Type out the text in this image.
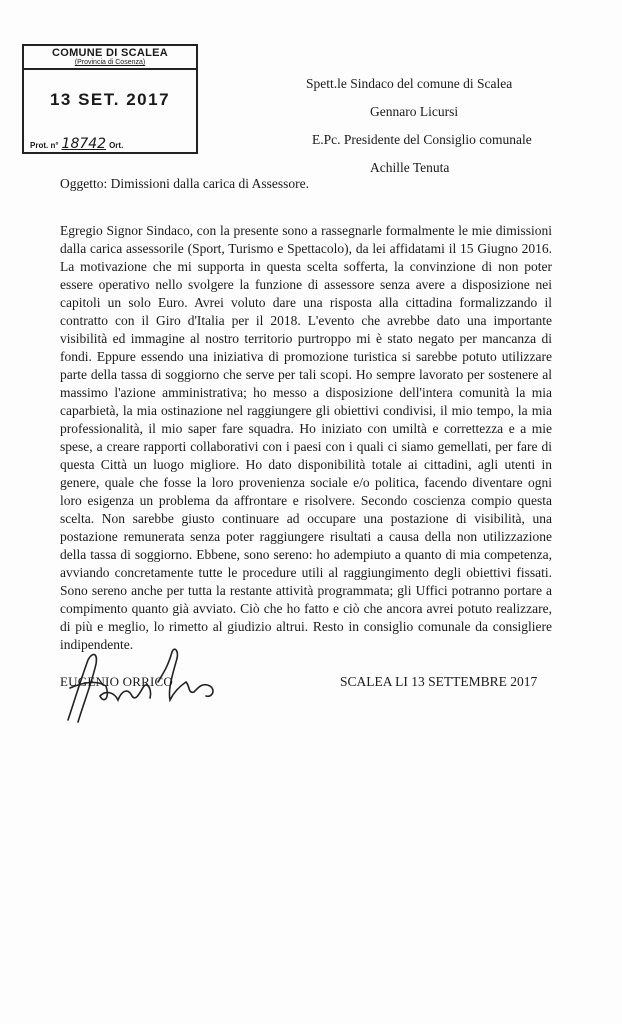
COMUNE DI SCALEA
(Provincia di Cosenza)
13 SET. 2017
Prot. n° 18742 Ort.
Spett.le Sindaco del comune di Scalea
Gennaro Licursi
E.Pc. Presidente del Consiglio comunale
Achille Tenuta
Oggetto: Dimissioni dalla carica di Assessore.
Egregio Signor Sindaco, con la presente sono a rassegnarle formalmente le mie dimissioni dalla carica assessorile (Sport, Turismo e Spettacolo), da lei affidatami il 15 Giugno 2016. La motivazione che mi supporta in questa scelta sofferta, la convinzione di non poter essere operativo nello svolgere la funzione di assessore senza avere a disposizione nei capitoli un solo Euro. Avrei voluto dare una risposta alla cittadina formalizzando il contratto con il Giro d'Italia per il 2018. L'evento che avrebbe dato una importante visibilità ed immagine al nostro territorio purtroppo mi è stato negato per mancanza di fondi. Eppure essendo una iniziativa di promozione turistica si sarebbe potuto utilizzare parte della tassa di soggiorno che serve per tali scopi. Ho sempre lavorato per sostenere al massimo l'azione amministrativa; ho messo a disposizione dell'intera comunità la mia caparbietà, la mia ostinazione nel raggiungere gli obiettivi condivisi, il mio tempo, la mia professionalità, il mio saper fare squadra. Ho iniziato con umiltà e correttezza e a mie spese, a creare rapporti collaborativi con i paesi con i quali ci siamo gemellati, per fare di questa Città un luogo migliore. Ho dato disponibilità totale ai cittadini, agli utenti in genere, quale che fosse la loro provenienza sociale e/o politica, facendo diventare ogni loro esigenza un problema da affrontare e risolvere. Secondo coscienza compio questa scelta. Non sarebbe giusto continuare ad occupare una postazione di visibilità, una postazione remunerata senza poter raggiungere risultati a causa della non utilizzazione della tassa di soggiorno. Ebbene, sono sereno: ho adempiuto a quanto di mia competenza, avviando concretamente tutte le procedure utili al raggiungimento degli obiettivi fissati. Sono sereno anche per tutta la restante attività programmata; gli Uffici potranno portare a compimento quanto già avviato. Ciò che ho fatto e ciò che ancora avrei potuto realizzare, di più e meglio, lo rimetto al giudizio altrui. Resto in consiglio comunale da consigliere indipendente.
EUGENIO ORRICO	SCALEA LI 13 SETTEMBRE 2017
